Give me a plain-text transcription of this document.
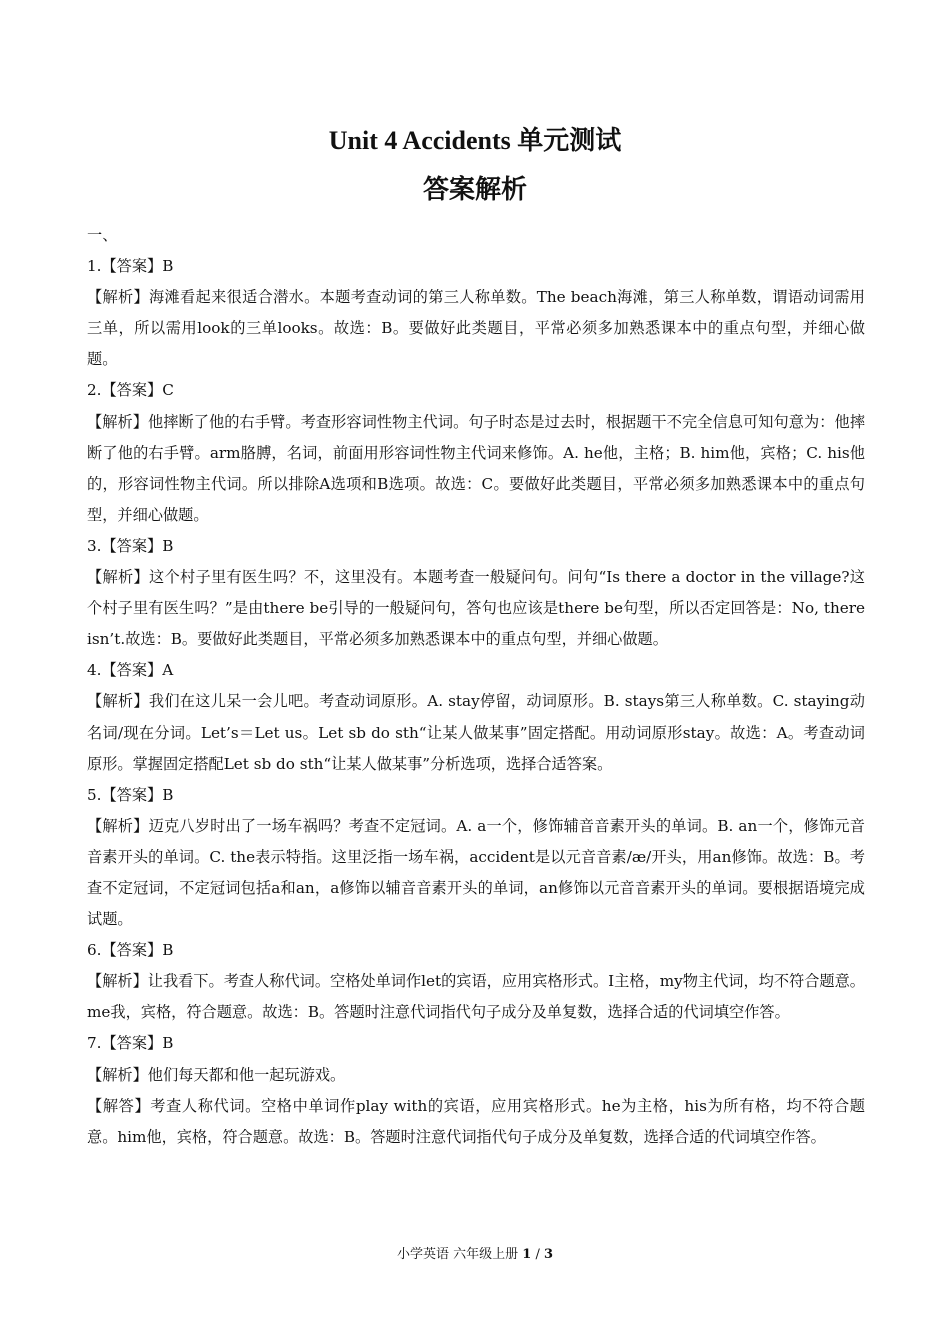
Unit 4 Accidents 单元测试
答案解析

一、

1.【答案】B

【解析】海滩看起来很适合潜水。本题考查动词的第三人称单数。The beach海滩，第三人称单数，谓语动词需用三单，所以需用look的三单looks。故选：B。要做好此类题目，平常必须多加熟悉课本中的重点句型，并细心做题。

2.【答案】C

【解析】他摔断了他的右手臂。考查形容词性物主代词。句子时态是过去时，根据题干不完全信息可知句意为：他摔断了他的右手臂。arm胳膊，名词，前面用形容词性物主代词来修饰。A. he他，主格；B. him他，宾格；C. his他的，形容词性物主代词。所以排除A选项和B选项。故选：C。要做好此类题目，平常必须多加熟悉课本中的重点句型，并细心做题。

3.【答案】B

【解析】这个村子里有医生吗？不，这里没有。本题考查一般疑问句。问句“Is there a doctor in the village?这个村子里有医生吗？”是由there be引导的一般疑问句，答句也应该是there be句型，所以否定回答是：No, there isn’t.故选：B。要做好此类题目，平常必须多加熟悉课本中的重点句型，并细心做题。

4.【答案】A

【解析】我们在这儿呆一会儿吧。考查动词原形。A. stay停留，动词原形。B. stays第三人称单数。C. staying动名词/现在分词。Let’s＝Let us。Let sb do sth“让某人做某事”固定搭配。用动词原形stay。故选：A。考查动词原形。掌握固定搭配Let sb do sth“让某人做某事”分析选项，选择合适答案。

5.【答案】B

【解析】迈克八岁时出了一场车祸吗？考查不定冠词。A. a一个，修饰辅音音素开头的单词。B. an一个，修饰元音音素开头的单词。C. the表示特指。这里泛指一场车祸，accident是以元音音素/æ/开头，用an修饰。故选：B。考查不定冠词，不定冠词包括a和an，a修饰以辅音音素开头的单词，an修饰以元音音素开头的单词。要根据语境完成试题。

6.【答案】B

【解析】让我看下。考查人称代词。空格处单词作let的宾语，应用宾格形式。I主格，my物主代词，均不符合题意。me我，宾格，符合题意。故选：B。答题时注意代词指代句子成分及单复数，选择合适的代词填空作答。

7.【答案】B

【解析】他们每天都和他一起玩游戏。

【解答】考查人称代词。空格中单词作play with的宾语，应用宾格形式。he为主格，his为所有格，均不符合题意。him他，宾格，符合题意。故选：B。答题时注意代词指代句子成分及单复数，选择合适的代词填空作答。

小学英语 六年级上册 1 / 3
